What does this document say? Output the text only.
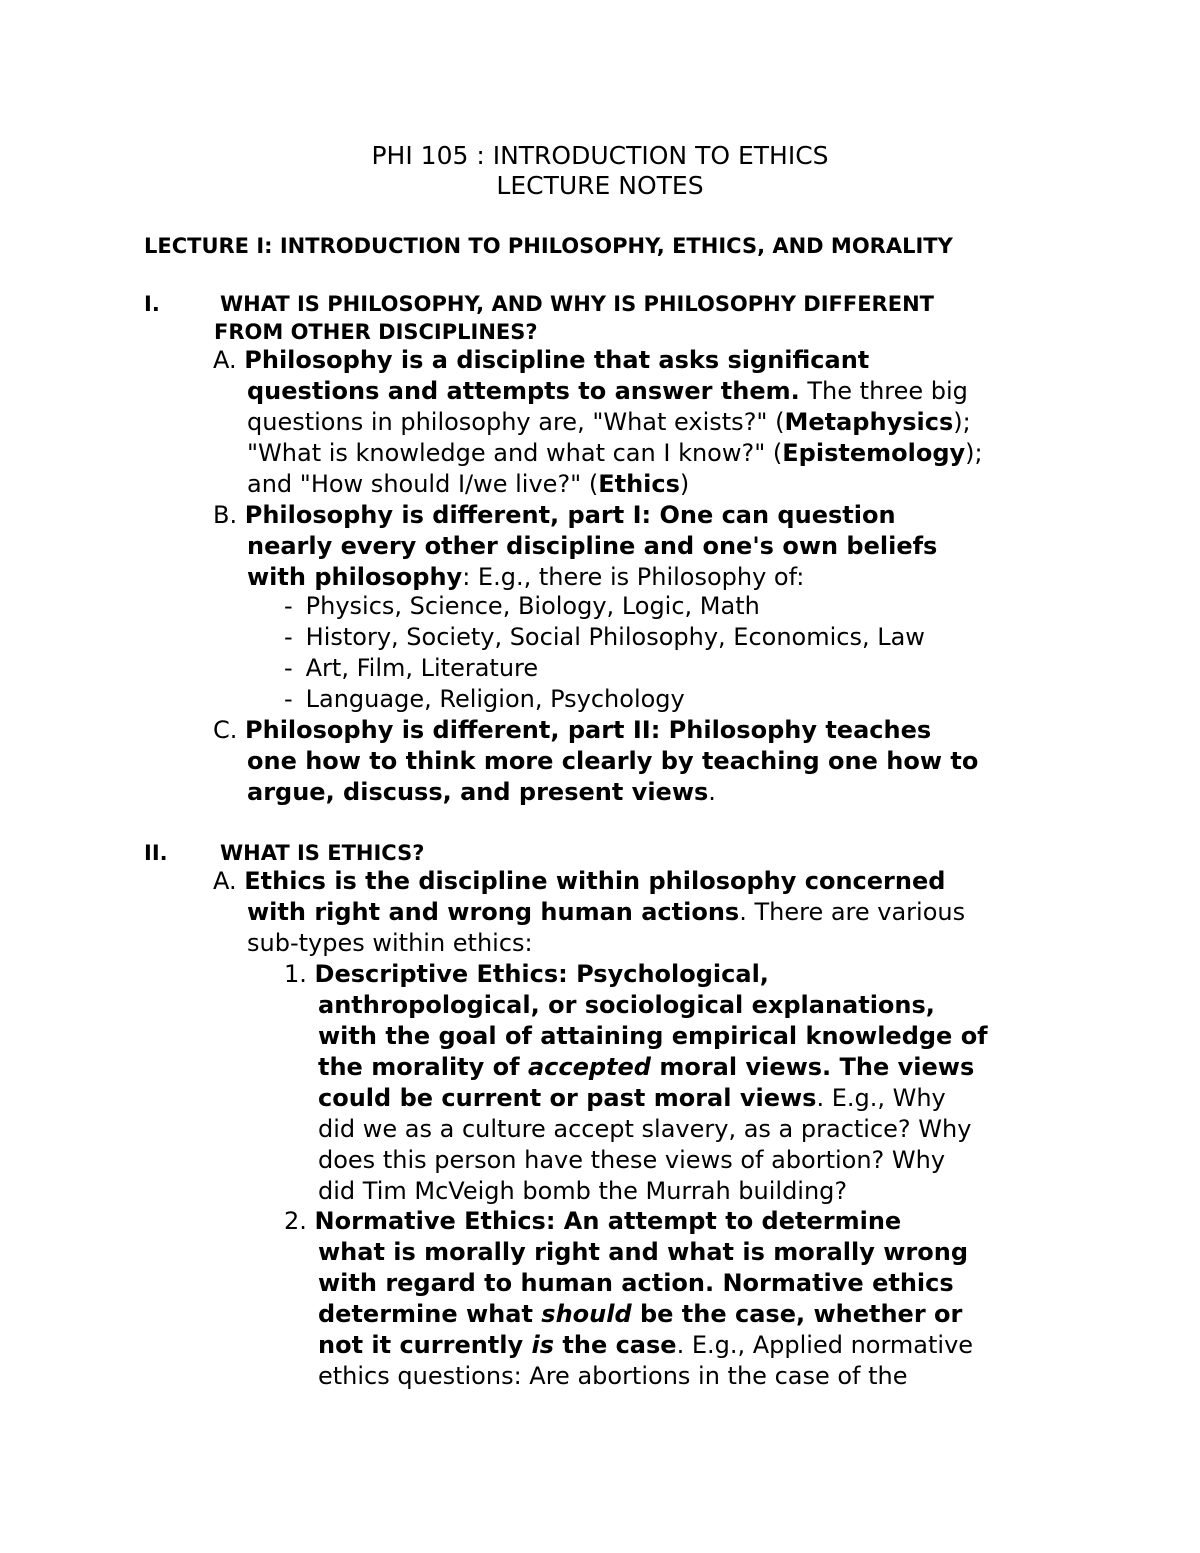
PHI 105 : INTRODUCTION TO ETHICS
LECTURE NOTES
LECTURE I: INTRODUCTION TO PHILOSOPHY, ETHICS, AND MORALITY
I.	WHAT IS PHILOSOPHY, AND WHY IS PHILOSOPHY DIFFERENT
FROM OTHER DISCIPLINES?
A. Philosophy is a discipline that asks significant
questions and attempts to answer them. The three big
questions in philosophy are, "What exists?" (Metaphysics);
"What is knowledge and what can I know?" (Epistemology);
and "How should I/we live?" (Ethics)
B. Philosophy is different, part I: One can question
nearly every other discipline and one's own beliefs
with philosophy: E.g., there is Philosophy of:
- Physics, Science, Biology, Logic, Math
- History, Society, Social Philosophy, Economics, Law
- Art, Film, Literature
- Language, Religion, Psychology
C. Philosophy is different, part II: Philosophy teaches
one how to think more clearly by teaching one how to
argue, discuss, and present views.
II. WHAT IS ETHICS?
A. Ethics is the discipline within philosophy concerned
with right and wrong human actions. There are various
sub-types within ethics:
1. Descriptive Ethics: Psychological,
anthropological, or sociological explanations,
with the goal of attaining empirical knowledge of
the morality of accepted moral views. The views
could be current or past moral views. E.g., Why
did we as a culture accept slavery, as a practice? Why
does this person have these views of abortion? Why
did Tim McVeigh bomb the Murrah building?
2. Normative Ethics: An attempt to determine
what is morally right and what is morally wrong
with regard to human action. Normative ethics
determine what should be the case, whether or
not it currently is the case. E.g., Applied normative
ethics questions: Are abortions in the case of the
